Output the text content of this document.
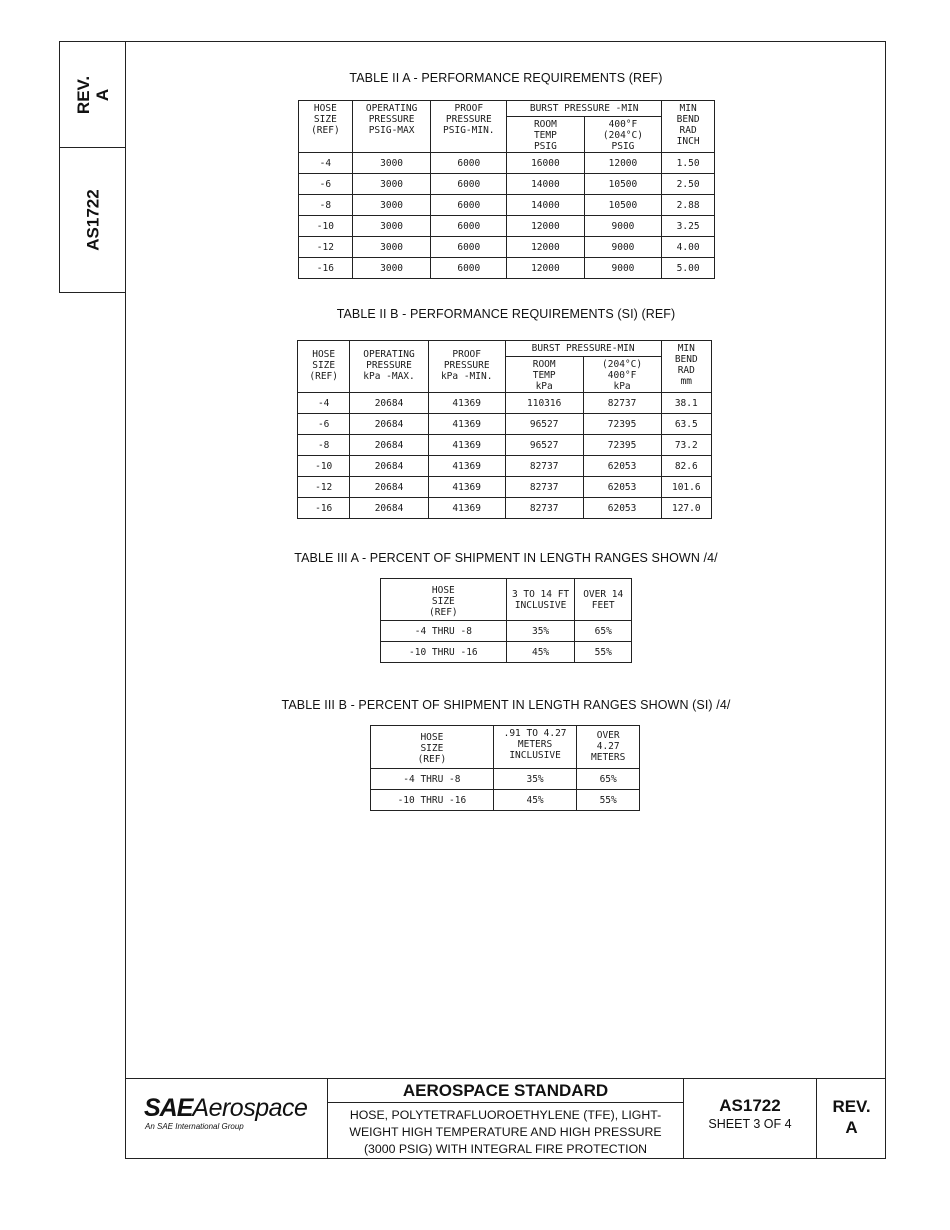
REV.
A
AS1722
TABLE II A - PERFORMANCE REQUIREMENTS (REF)
HOSE
SIZE
(REF)	OPERATING
PRESSURE
PSIG-MAX	PROOF
PRESSURE
PSIG-MIN.	BURST PRESSURE -MIN		MIN
BEND
RAD
INCH

			ROOM
TEMP
PSIG	400°F
(204°C)
PSIG	

-4	3000	6000	16000	12000	1.50
-6	3000	6000	14000	10500	2.50
-8	3000	6000	14000	10500	2.88
-10	3000	6000	12000	9000	3.25
-12	3000	6000	12000	9000	4.00
-16	3000	6000	12000	9000	5.00
TABLE II B - PERFORMANCE REQUIREMENTS (SI) (REF)
HOSE
SIZE
(REF)	OPERATING
PRESSURE
kPa -MAX.	PROOF
PRESSURE
kPa -MIN.	BURST PRESSURE-MIN		MIN
BEND
RAD
mm

			ROOM
TEMP
kPa	(204°C)
400°F
kPa	

-4	20684	41369	110316	82737	38.1
-6	20684	41369	96527	72395	63.5
-8	20684	41369	96527	72395	73.2
-10	20684	41369	82737	62053	82.6
-12	20684	41369	82737	62053	101.6
-16	20684	41369	82737	62053	127.0
TABLE III A - PERCENT OF SHIPMENT IN LENGTH RANGES SHOWN /4/
HOSE
SIZE
(REF)	3 TO 14 FT
INCLUSIVE	OVER 14
FEET

-4 THRU -8	35%	65%
-10 THRU -16	45%	55%
TABLE III B - PERCENT OF SHIPMENT IN LENGTH RANGES SHOWN (SI) /4/
HOSE
SIZE
(REF)	.91 TO 4.27
METERS
INCLUSIVE	OVER
4.27
METERS

-4 THRU -8	35%	65%
-10 THRU -16	45%	55%
SAEAerospace
An SAE International Group
AEROSPACE STANDARD
HOSE, POLYTETRAFLUOROETHYLENE (TFE), LIGHT-
WEIGHT HIGH TEMPERATURE AND HIGH PRESSURE
(3000 PSIG) WITH INTEGRAL FIRE PROTECTION
AS1722
SHEET 3 OF 4
REV.
A
